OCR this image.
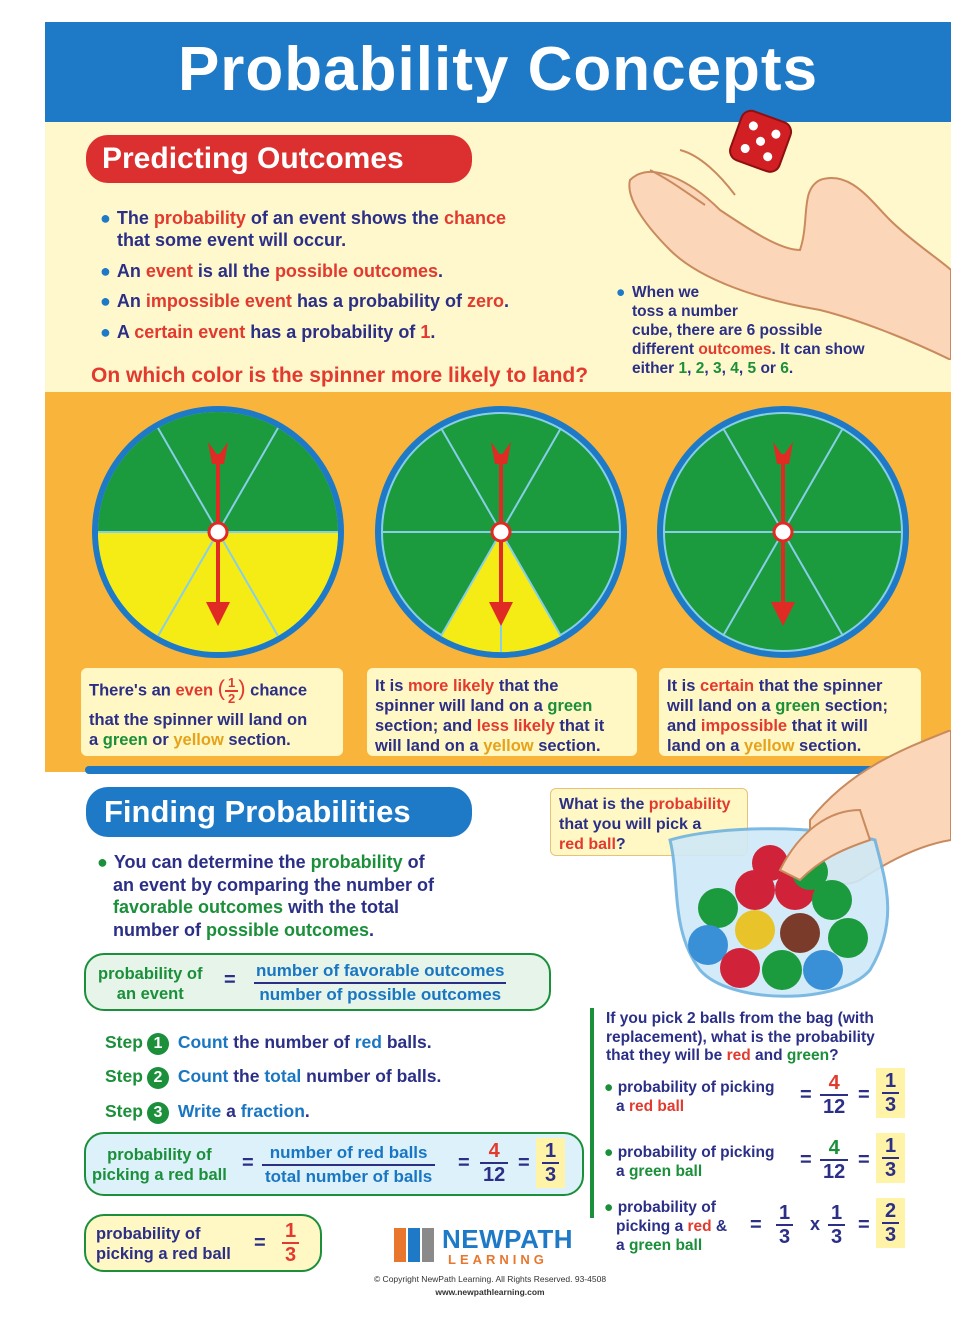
Probability Concepts
Predicting Outcomes
● The probability of an event shows the chance
that some event will occur.
● An event is all the possible outcomes.
● An impossible event has a probability of zero.
● A certain event has a probability of 1.
On which color is the spinner more likely to land?
● When we
toss a number
cube, there are 6 possible
different outcomes. It can show
either 1, 2, 3, 4, 5 or 6.
There's an even ( $\frac{1}{2}$ ) chance
that the spinner will land on
a green or yellow section.
It is more likely that the
spinner will land on a green
section; and less likely that it
will land on a yellow section.
It is certain that the spinner
will land on a green section;
and impossible that it will
land on a yellow section.
Finding Probabilities
● You can determine the probability of
an event by comparing the number of
favorable outcomes with the total
number of possible outcomes.
probability of
an event
= number of favorable outcomes
number of possible outcomes
Step 1 Count the number of red balls.
Step 2 Count the total number of balls.
Step 3 Write a fraction.
probability of
picking a red ball
= number of red balls
total number of balls
= $\frac{4}{12} = \frac{1}{3}$
probability of
picking a red ball = $\frac{1}{3}$
What is the probability
that you will pick a
red ball?
If you pick 2 balls from the bag (with
replacement), what is the probability
that they will be red and green?
● probability of picking
a red ball
= $\frac{4}{12} = \frac{1}{3}$
● probability of picking
a green ball
= $\frac{4}{12} = \frac{1}{3}$
● probability of
picking a red &
a green ball
= $\frac{1}{3}$ x $\frac{1}{3} = \frac{2}{3}$
NEWPATH
LEARNING
© Copyright NewPath Learning. All Rights Reserved. 93-4508
www.newpathlearning.com
